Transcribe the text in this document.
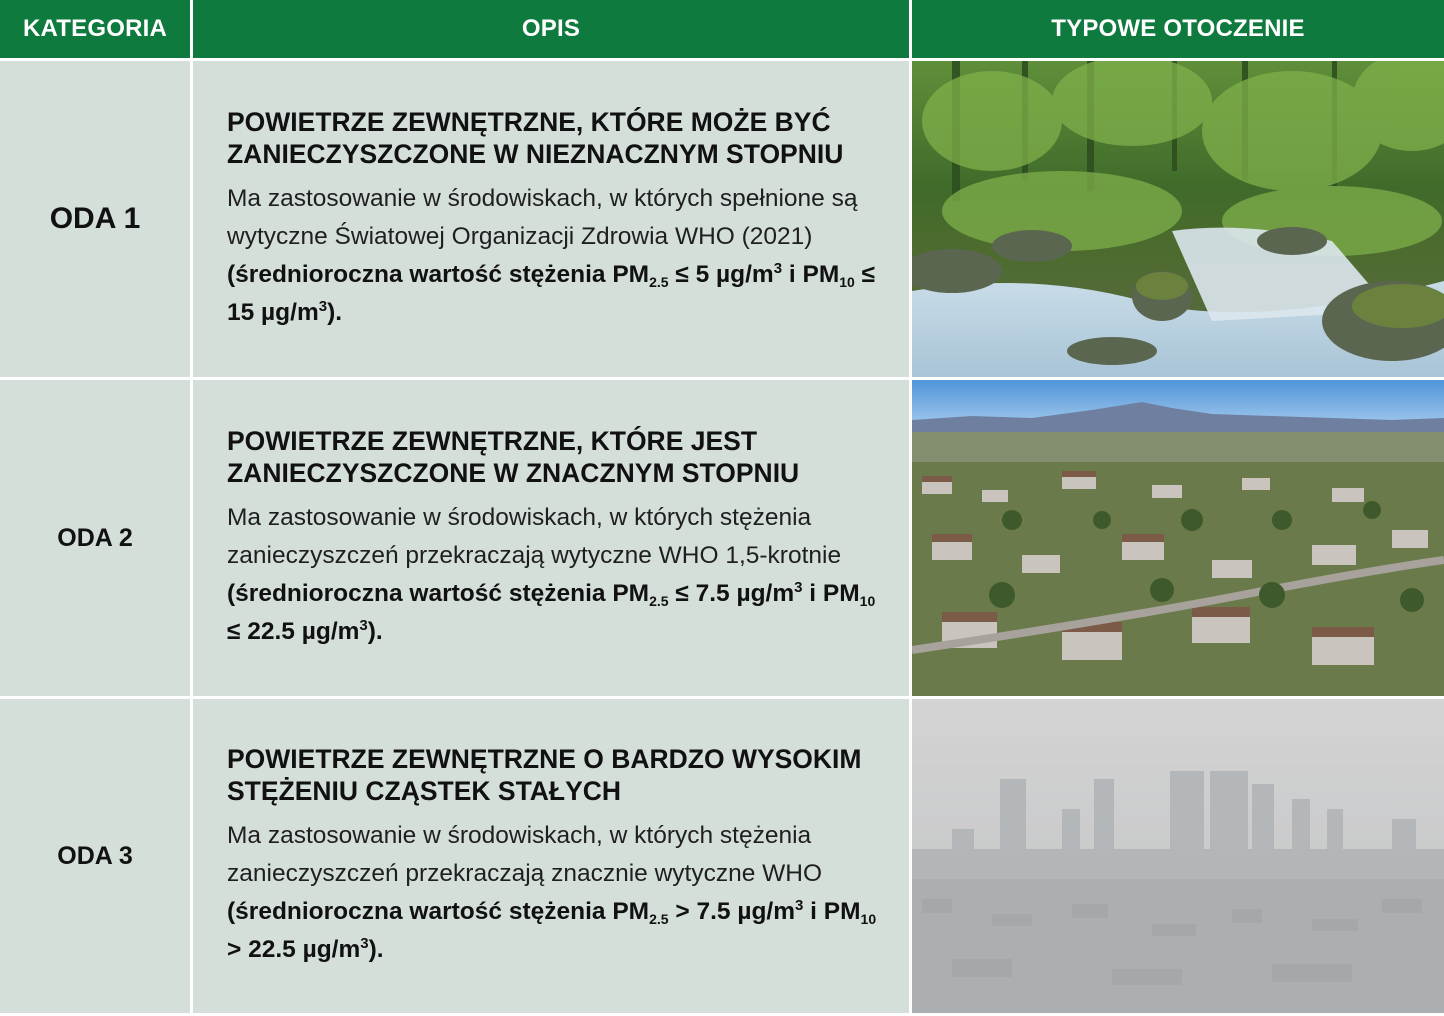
KATEGORIA	OPIS	TYPOWE OTOCZENIE
ODA 1
POWIETRZE ZEWNĘTRZNE, KTÓRE MOŻE BYĆ ZANIECZYSZCZONE W NIEZNACZNYM STOPNIU

Ma zastosowanie w środowiskach, w których spełnione są wytyczne Światowej Organizacji Zdrowia WHO (2021) (średnioroczna wartość stężenia $PM_{2.5} \le 5$ $\mu g/m^3$ i $PM_{10} \le 15$ $\mu g/m^3$).

ODA 2
POWIETRZE ZEWNĘTRZNE, KTÓRE JEST ZANIECZYSZCZONE W ZNACZNYM STOPNIU

Ma zastosowanie w środowiskach, w których stężenia zanieczyszczeń przekraczają wytyczne WHO 1,5-krotnie (średnioroczna wartość stężenia $PM_{2.5} \le 7.5$ $\mu g/m^3$ i $PM_{10} \le 22.5$ $\mu g/m^3$).

ODA 3
POWIETRZE ZEWNĘTRZNE O BARDZO WYSOKIM STĘŻENIU CZĄSTEK STAŁYCH

Ma zastosowanie w środowiskach, w których stężenia zanieczyszczeń przekraczają znacznie wytyczne WHO (średnioroczna wartość stężenia $PM_{2.5} > 7.5$ $\mu g/m^3$ i $PM_{10} > 22.5$ $\mu g/m^3$).
